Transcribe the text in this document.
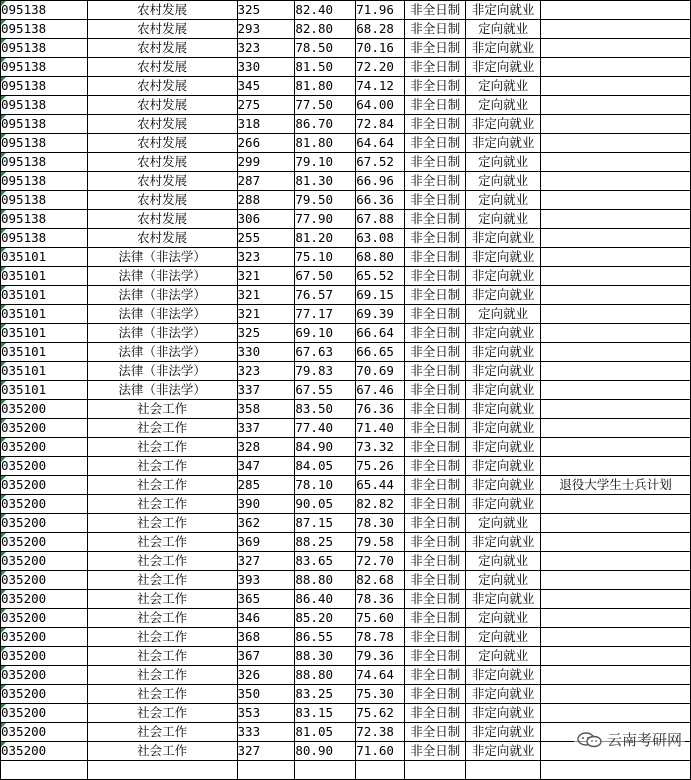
095138	农村发展	325	82.40	71.96	非全日制	非定向就业	

095138	农村发展	293	82.80	68.28	非全日制	定向就业	

095138	农村发展	323	78.50	70.16	非全日制	非定向就业	

095138	农村发展	330	81.50	72.20	非全日制	非定向就业	

095138	农村发展	345	81.80	74.12	非全日制	定向就业	

095138	农村发展	275	77.50	64.00	非全日制	定向就业	

095138	农村发展	318	86.70	72.84	非全日制	非定向就业	

095138	农村发展	266	81.80	64.64	非全日制	非定向就业	

095138	农村发展	299	79.10	67.52	非全日制	定向就业	

095138	农村发展	287	81.30	66.96	非全日制	定向就业	

095138	农村发展	288	79.50	66.36	非全日制	定向就业	

095138	农村发展	306	77.90	67.88	非全日制	定向就业	

095138	农村发展	255	81.20	63.08	非全日制	非定向就业	

035101	法律（非法学）	323	75.10	68.80	非全日制	非定向就业	

035101	法律（非法学）	321	67.50	65.52	非全日制	非定向就业	

035101	法律（非法学）	321	76.57	69.15	非全日制	非定向就业	

035101	法律（非法学）	321	77.17	69.39	非全日制	定向就业	

035101	法律（非法学）	325	69.10	66.64	非全日制	非定向就业	

035101	法律（非法学）	330	67.63	66.65	非全日制	非定向就业	

035101	法律（非法学）	323	79.83	70.69	非全日制	非定向就业	

035101	法律（非法学）	337	67.55	67.46	非全日制	非定向就业	

035200	社会工作	358	83.50	76.36	非全日制	非定向就业	

035200	社会工作	337	77.40	71.40	非全日制	非定向就业	

035200	社会工作	328	84.90	73.32	非全日制	非定向就业	

035200	社会工作	347	84.05	75.26	非全日制	非定向就业	

035200	社会工作	285	78.10	65.44	非全日制	非定向就业	退役大学生士兵计划

035200	社会工作	390	90.05	82.82	非全日制	非定向就业	

035200	社会工作	362	87.15	78.30	非全日制	定向就业	

035200	社会工作	369	88.25	79.58	非全日制	非定向就业	

035200	社会工作	327	83.65	72.70	非全日制	定向就业	

035200	社会工作	393	88.80	82.68	非全日制	定向就业	

035200	社会工作	365	86.40	78.36	非全日制	非定向就业	

035200	社会工作	346	85.20	75.60	非全日制	定向就业	

035200	社会工作	368	86.55	78.78	非全日制	定向就业	

035200	社会工作	367	88.30	79.36	非全日制	定向就业	

035200	社会工作	326	88.80	74.64	非全日制	非定向就业	

035200	社会工作	350	83.25	75.30	非全日制	非定向就业	

035200	社会工作	353	83.15	75.62	非全日制	非定向就业	

035200	社会工作	333	81.05	72.38	非全日制	非定向就业	

035200	社会工作	327	80.90	71.60	非全日制	非定向就业	

云南考研网
